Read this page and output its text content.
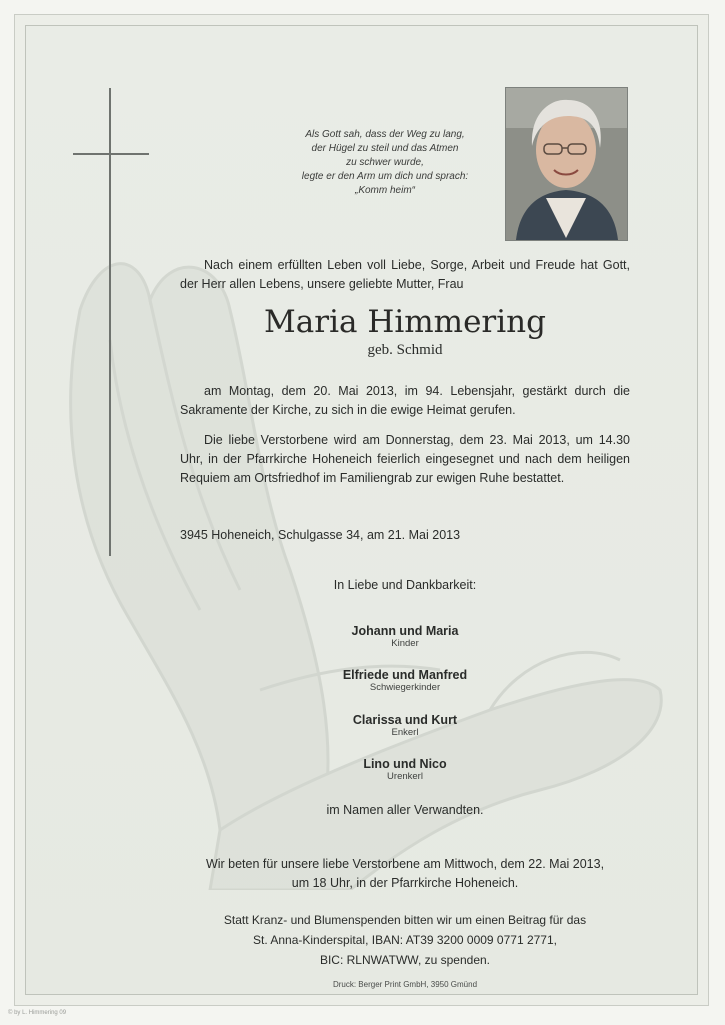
Als Gott sah, dass der Weg zu lang,
der Hügel zu steil und das Atmen
zu schwer wurde,
legte er den Arm um dich und sprach:
„Komm heim“
Nach einem erfüllten Leben voll Liebe, Sorge, Arbeit und Freude hat Gott, der Herr allen Lebens, unsere geliebte Mutter, Frau
Maria Himmering
geb. Schmid
am Montag, dem 20. Mai 2013, im 94. Lebensjahr, gestärkt durch die Sakramente der Kirche, zu sich in die ewige Heimat gerufen.
Die liebe Verstorbene wird am Donnerstag, dem 23. Mai 2013, um 14.30 Uhr, in der Pfarrkirche Hoheneich feierlich eingesegnet und nach dem heiligen Requiem am Ortsfriedhof im Familiengrab zur ewigen Ruhe bestattet.
3945 Hoheneich, Schulgasse 34, am 21. Mai 2013
In Liebe und Dankbarkeit:
Johann und Maria
Kinder
Elfriede und Manfred
Schwiegerkinder
Clarissa und Kurt
Enkerl
Lino und Nico
Urenkerl
im Namen aller Verwandten.
Wir beten für unsere liebe Verstorbene am Mittwoch, dem 22. Mai 2013,
um 18 Uhr, in der Pfarrkirche Hoheneich.
Statt Kranz- und Blumenspenden bitten wir um einen Beitrag für das
St. Anna-Kinderspital, IBAN: AT39 3200 0009 0771 2771,
BIC: RLNWATWW, zu spenden.
Druck: Berger Print GmbH, 3950 Gmünd
© by L. Himmering 09
